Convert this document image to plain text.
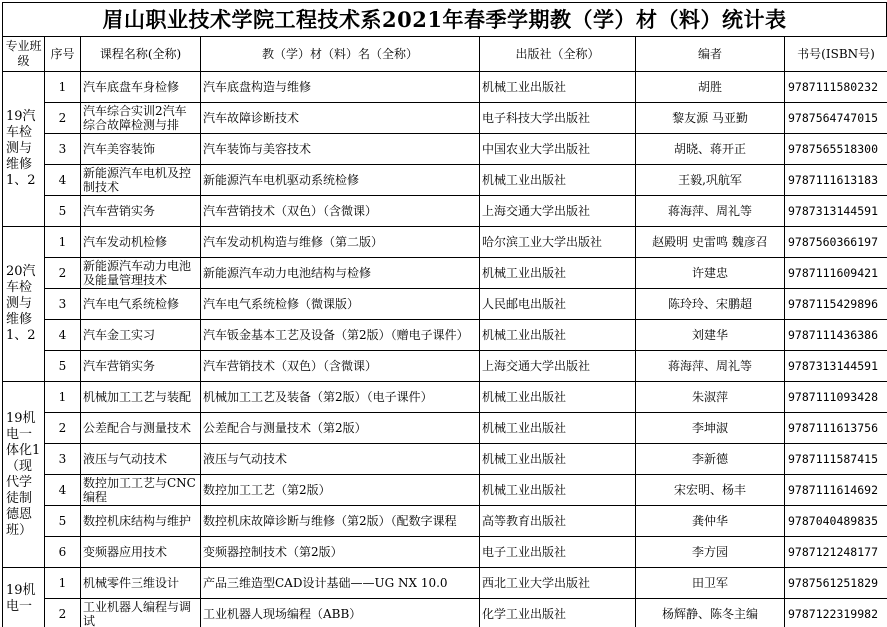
眉山职业技术学院工程技术系2021年春季学期教（学）材（料）统计表
专业班级	序号	课程名称(全称)	教（学）材（料）名（全称）	出版社（全称）	编者	书号(ISBN号)
19汽车检测与维修1、2	1	汽车底盘车身检修	汽车底盘构造与维修	机械工业出版社	胡胜	9787111580232
	2	汽车综合实训2汽车综合故障检测与排	汽车故障诊断技术	电子科技大学出版社	黎友源 马亚勤	9787564747015
	3	汽车美容装饰	汽车装饰与美容技术	中国农业大学出版社	胡晓、蒋开正	9787565518300
	4	新能源汽车电机及控制技术	新能源汽车电机驱动系统检修	机械工业出版社	王毅,巩航军	9787111613183
	5	汽车营销实务	汽车营销技术（双色）（含微课）	上海交通大学出版社	蒋海萍、周礼等	9787313144591
20汽车检测与维修1、2	1	汽车发动机检修	汽车发动机构造与维修（第二版）	哈尔滨工业大学出版社	赵殿明 史雷鸣 魏彦召	9787560366197
	2	新能源汽车动力电池及能量管理技术	新能源汽车动力电池结构与检修	机械工业出版社	许建忠	9787111609421
	3	汽车电气系统检修	汽车电气系统检修（微课版）	人民邮电出版社	陈玲玲、宋鹏超	9787115429896
	4	汽车金工实习	汽车钣金基本工艺及设备（第2版）（赠电子课件）	机械工业出版社	刘建华	9787111436386
	5	汽车营销实务	汽车营销技术（双色）（含微课）	上海交通大学出版社	蒋海萍、周礼等	9787313144591
19机电一体化1（现代学徒制德恩班）	1	机械加工工艺与装配	机械加工工艺及装备（第2版）（电子课件）	机械工业出版社	朱淑萍	9787111093428
	2	公差配合与测量技术	公差配合与测量技术（第2版）	机械工业出版社	李坤淑	9787111613756
	3	液压与气动技术	液压与气动技术	机械工业出版社	李新德	9787111587415
	4	数控加工工艺与CNC编程	数控加工工艺（第2版）	机械工业出版社	宋宏明、杨丰	9787111614692
	5	数控机床结构与维护	数控机床故障诊断与维修（第2版）（配数字课程	高等教育出版社	龚仲华	9787040489835
	6	变频器应用技术	变频器控制技术（第2版）	电子工业出版社	李方园	9787121248177
19机电一	1	机械零件三维设计	产品三维造型CAD设计基础——UG NX 10.0	西北工业大学出版社	田卫军	9787561251829
	2	工业机器人编程与调试	工业机器人现场编程（ABB）	化学工业出版社	杨辉静、陈冬主编	9787122319982
